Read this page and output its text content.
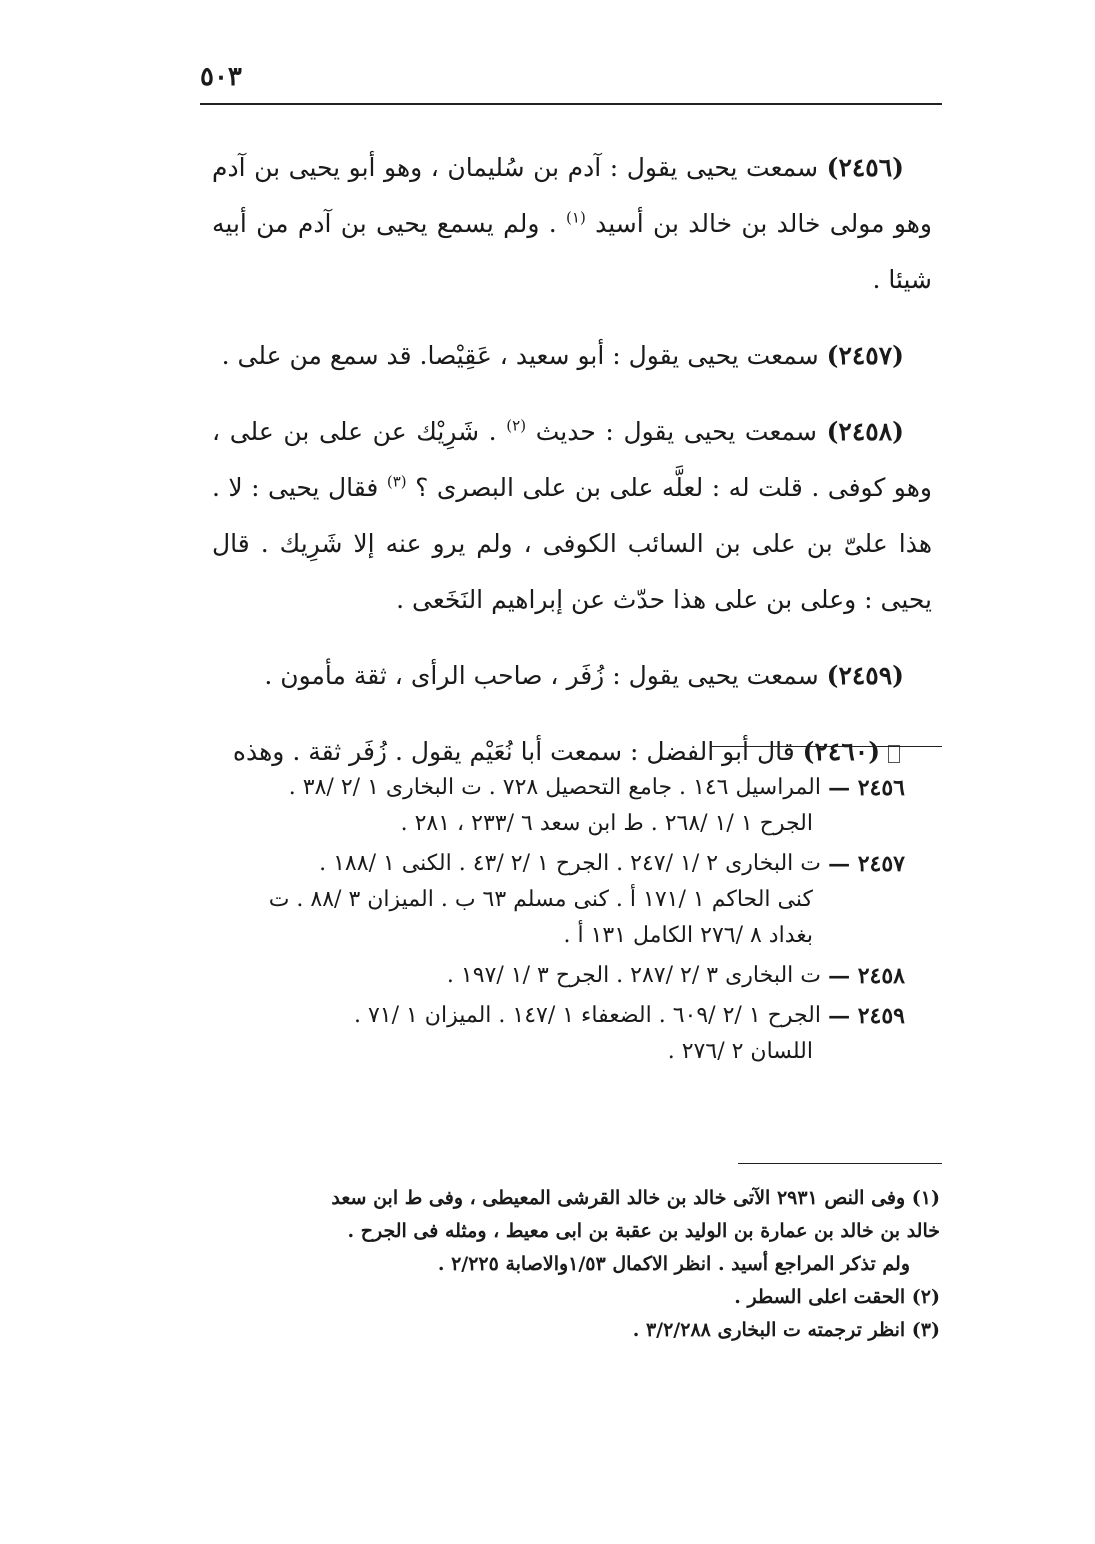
٥٠٣

(٢٤٥٦) سمعت يحيى يقول : آدم بن سُليمان ، وهو أبو يحيى بن آدم وهو مولى خالد بن خالد بن أسيد $^{(١)}$ . ولم يسمع يحيى بن آدم من أبيه شيئا .

(٢٤٥٧) سمعت يحيى يقول : أبو سعيد ، عَقِيْصا. قد سمع من على .

(٢٤٥٨) سمعت يحيى يقول : حديث $^{(٢)}$ . شَرِيْك عن على بن على ، وهو كوفى . قلت له : لعلَّه على بن على البصرى ؟ $^{(٣)}$ فقال يحيى : لا . هذا علىّ بن على بن السائب الكوفى ، ولم يرو عنه إلا شَرِيك . قال يحيى : وعلى بن على هذا حدّث عن إبراهيم النَخَعى .

(٢٤٥٩) سمعت يحيى يقول : زُفَر ، صاحب الرأى ، ثقة مأمون .

(٢٤٦٠) قال أبو الفضل : سمعت أبا نُعَيْم يقول . زُفَر ثقة . وهذه

٢٤٥٦ —
المراسيل ١٤٦ . جامع التحصيل ٧٢٨ . ت البخارى ١ /٢ /٣٨ .
الجرح ١ /١ /٢٦٨ . ط ابن سعد ٦ /٢٣٣ ، ٢٨١ .
٢٤٥٧ —
ت البخارى ٢ /١ /٢٤٧ . الجرح ١ /٢ /٤٣ . الكنى ١ /١٨٨ .
كنى الحاكم ١ /١٧١ أ . كنى مسلم ٦٣ ب . الميزان ٣ /٨٨ . ت
بغداد ٨ /٢٧٦ الكامل ١٣١ أ .
٢٤٥٨ —
ت البخارى ٣ /٢ /٢٨٧ . الجرح ٣ /١ /١٩٧ .
٢٤٥٩ —
الجرح ١ /٢ /٦٠٩ . الضعفاء ١ /١٤٧ . الميزان ١ /٧١ .
اللسان ٢ /٢٧٦ .
(١) وفى النص ٢٩٣١ الآتى خالد بن خالد القرشى المعيطى ، وفى ط ابن سعد
خالد بن خالد بن عمارة بن الوليد بن عقبة بن ابى معيط ، ومثله فى الجرح .
ولم تذكر المراجع أسيد . انظر الاكمال ١/٥٣والاصابة ٢/٢٢٥ .
(٢) الحقت اعلى السطر .
(٣) انظر ترجمته ت البخارى ٣/٢/٢٨٨ .
